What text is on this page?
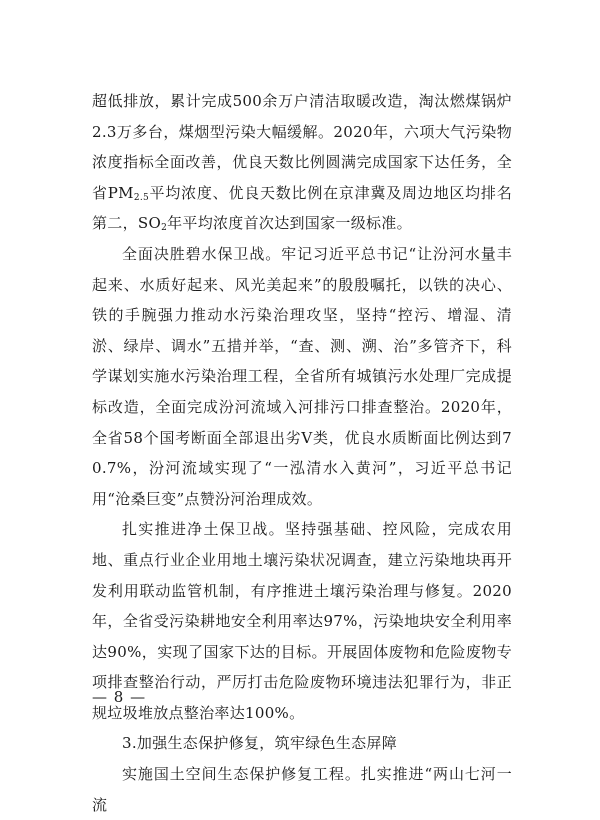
超低排放，累计完成500余万户清洁取暖改造，淘汰燃煤锅炉2.3万多台，煤烟型污染大幅缓解。2020年，六项大气污染物浓度指标全面改善，优良天数比例圆满完成国家下达任务，全省$PM_{2.5}$平均浓度、优良天数比例在京津冀及周边地区均排名第二，$SO_2$年平均浓度首次达到国家一级标准。

全面决胜碧水保卫战。牢记习近平总书记“让汾河水量丰起来、水质好起来、风光美起来”的殷殷嘱托，以铁的决心、铁的手腕强力推动水污染治理攻坚，坚持“控污、增湿、清淤、绿岸、调水”五措并举，“查、测、溯、治”多管齐下，科学谋划实施水污染治理工程，全省所有城镇污水处理厂完成提标改造，全面完成汾河流域入河排污口排查整治。2020年，全省58个国考断面全部退出劣Ⅴ类，优良水质断面比例达到70.7%，汾河流域实现了“一泓清水入黄河”，习近平总书记用“沧桑巨变”点赞汾河治理成效。

扎实推进净土保卫战。坚持强基础、控风险，完成农用地、重点行业企业用地土壤污染状况调查，建立污染地块再开发利用联动监管机制，有序推进土壤污染治理与修复。2020年，全省受污染耕地安全利用率达97%，污染地块安全利用率达90%，实现了国家下达的目标。开展固体废物和危险废物专项排查整治行动，严厉打击危险废物环境违法犯罪行为，非正规垃圾堆放点整治率达100%。

3.加强生态保护修复，筑牢绿色生态屏障

实施国土空间生态保护修复工程。扎实推进“两山七河一流

— 8 —
